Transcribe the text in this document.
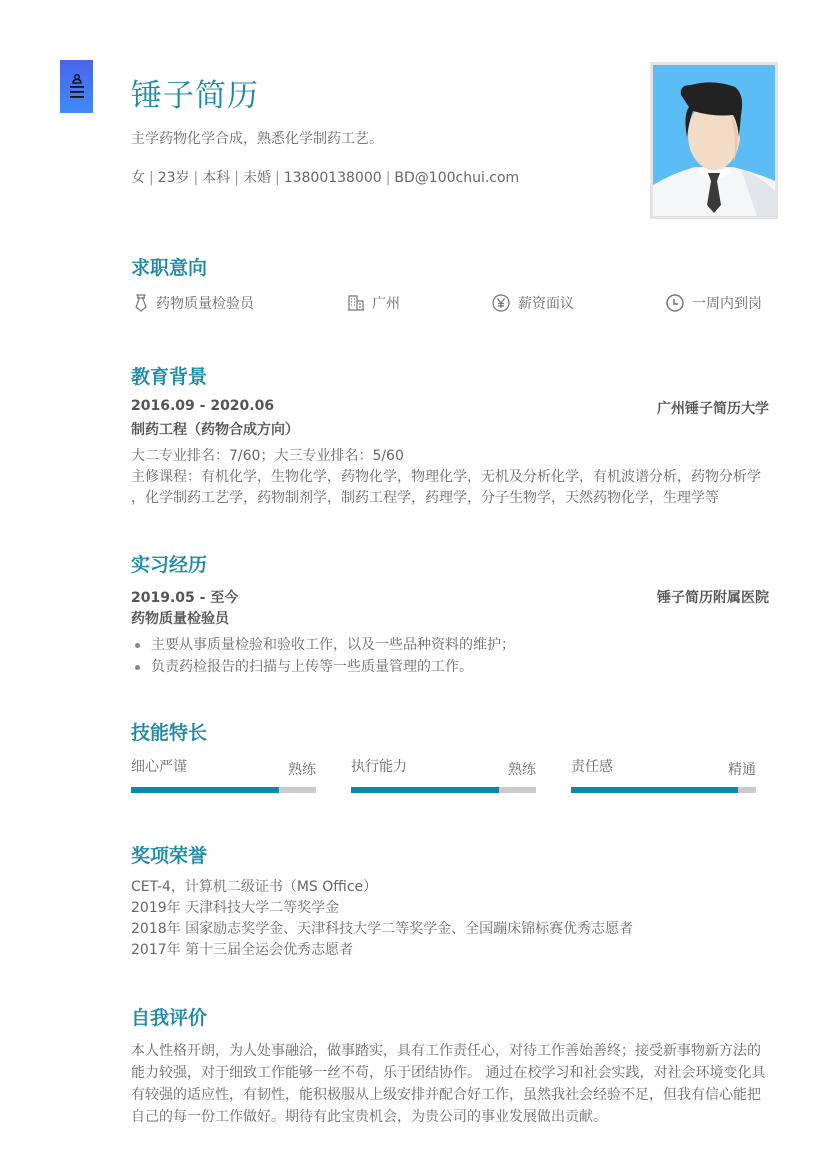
锤子简历
主学药物化学合成，熟悉化学制药工艺。
女 | 23岁 | 本科 | 未婚 | 13800138000 | BD@100chui.com
求职意向
药物质量检验员	广州	薪资面议	一周内到岗
教育背景
2016.09 - 2020.06	广州锤子简历大学
制药工程（药物合成方向）
大二专业排名：7/60；大三专业排名：5/60
主修课程：有机化学，生物化学，药物化学，物理化学，无机及分析化学，有机波谱分析，药物分析学
，化学制药工艺学，药物制剂学，制药工程学，药理学，分子生物学，天然药物化学，生理学等
实习经历
2019.05 - 至今	锤子简历附属医院
药物质量检验员
主要从事质量检验和验收工作，以及一些品种资料的维护；
负责药检报告的扫描与上传等一些质量管理的工作。
技能特长
细心严谨	熟练	执行能力	熟练	责任感	精通
奖项荣誉
CET-4，计算机二级证书（MS Office）
2019年 天津科技大学二等奖学金
2018年 国家励志奖学金、天津科技大学二等奖学金、全国蹦床锦标赛优秀志愿者
2017年 第十三届全运会优秀志愿者
自我评价
本人性格开朗，为人处事融洽，做事踏实，具有工作责任心，对待工作善始善终；接受新事物新方法的能力较强，对于细致工作能够一丝不苟，乐于团结协作。 通过在校学习和社会实践，对社会环境变化具有较强的适应性，有韧性，能积极服从上级安排并配合好工作，虽然我社会经验不足，但我有信心能把自己的每一份工作做好。期待有此宝贵机会，为贵公司的事业发展做出贡献。
